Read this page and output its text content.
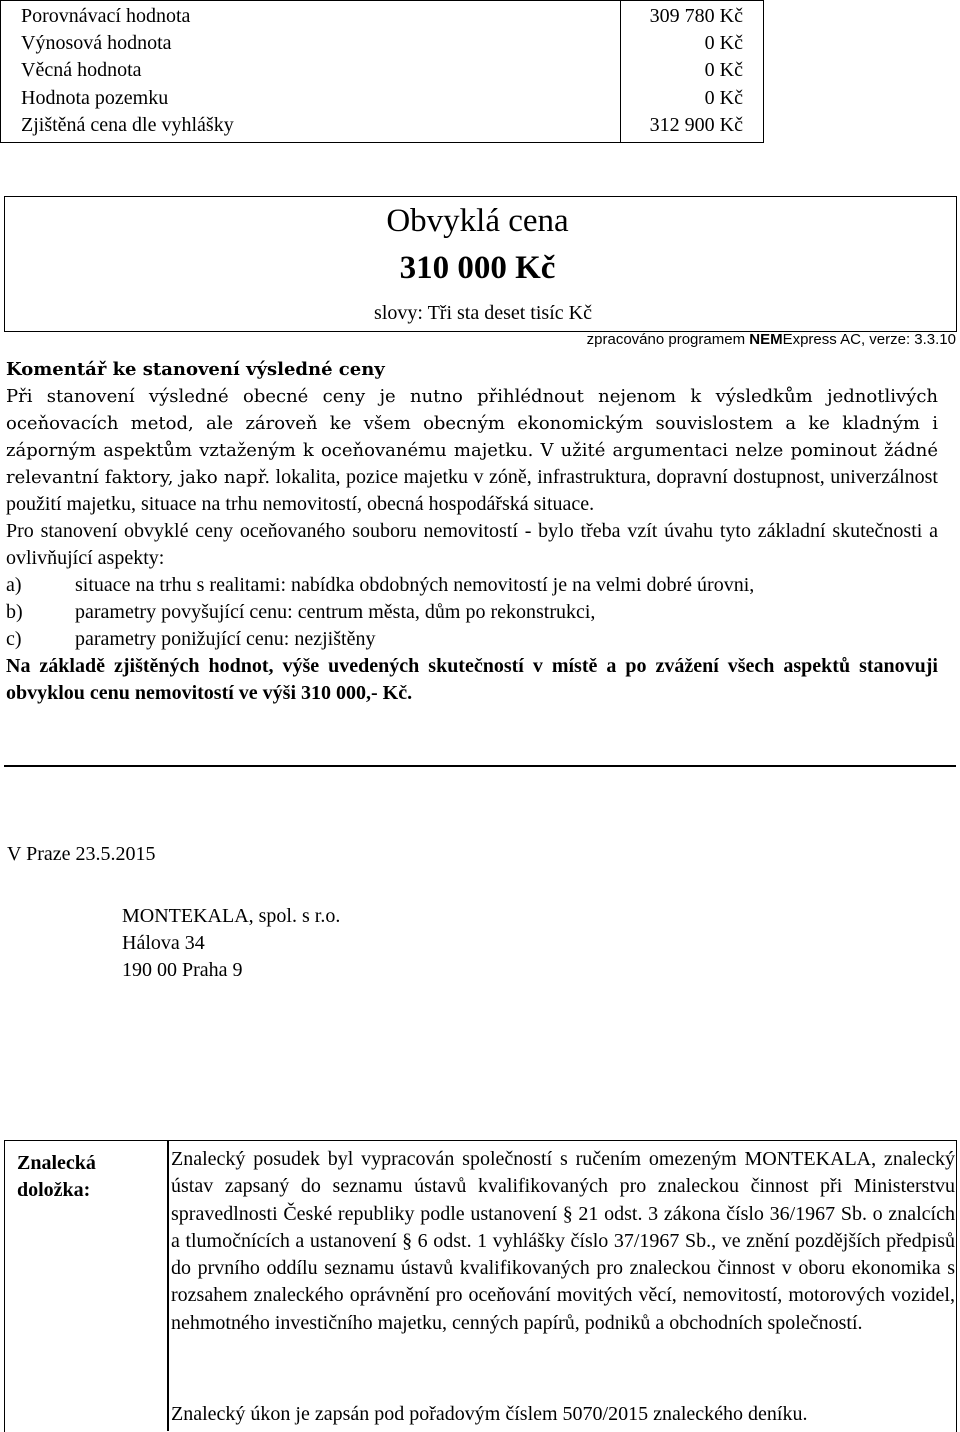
Porovnávací hodnota	309 780 Kč
Výnosová hodnota	0 Kč
Věcná hodnota	0 Kč
Hodnota pozemku	0 Kč
Zjištěná cena dle vyhlášky	312 900 Kč
Obvyklá cena
310 000 Kč
slovy: Tři sta deset tisíc Kč
zpracováno programem NEMExpress AC, verze: 3.3.10
Komentář ke stanovení výsledné ceny
Při stanovení výsledné obecné ceny je nutno přihlédnout nejenom k výsledkům jednotlivých oceňovacích metod, ale zároveň ke všem obecným ekonomickým souvislostem a ke kladným i záporným aspektům vztaženým k oceňovanému majetku. V užité argumentaci nelze pominout žádné relevantní faktory, jako např. lokalita, pozice majetku v zóně, infrastruktura, dopravní dostupnost, univerzálnost použití majetku, situace na trhu nemovitostí, obecná hospodářská situace.
Pro stanovení obvyklé ceny oceňovaného souboru nemovitostí - bylo třeba vzít úvahu tyto základní skutečnosti a ovlivňující aspekty:
a)	situace na trhu s realitami: nabídka obdobných nemovitostí je na velmi dobré úrovni,
b)	parametry povyšující cenu: centrum města, dům po rekonstrukci,
c)	parametry ponižující cenu: nezjištěny
Na základě zjištěných hodnot, výše uvedených skutečností v místě a po zvážení všech aspektů stanovuji obvyklou cenu nemovitostí ve výši 310 000,- Kč.
V Praze 23.5.2015
MONTEKALA, spol. s r.o.
Hálova 34
190 00 Praha 9
Znalecká
doložka:
Znalecký posudek byl vypracován společností s ručením omezeným MONTEKALA, znalecký ústav zapsaný do seznamu ústavů kvalifikovaných pro znaleckou činnost při Ministerstvu spravedlnosti České republiky podle ustanovení § 21 odst. 3 zákona číslo 36/1967 Sb. o znalcích a tlumočnících a ustanovení § 6 odst. 1 vyhlášky číslo 37/1967 Sb., ve znění pozdějších předpisů do prvního oddílu seznamu ústavů kvalifikovaných pro znaleckou činnost v oboru ekonomika s rozsahem znaleckého oprávnění pro oceňování movitých věcí, nemovitostí, motorových vozidel, nehmotného investičního majetku, cenných papírů, podniků a obchodních společností.
Znalecký úkon je zapsán pod pořadovým číslem 5070/2015 znaleckého deníku.
